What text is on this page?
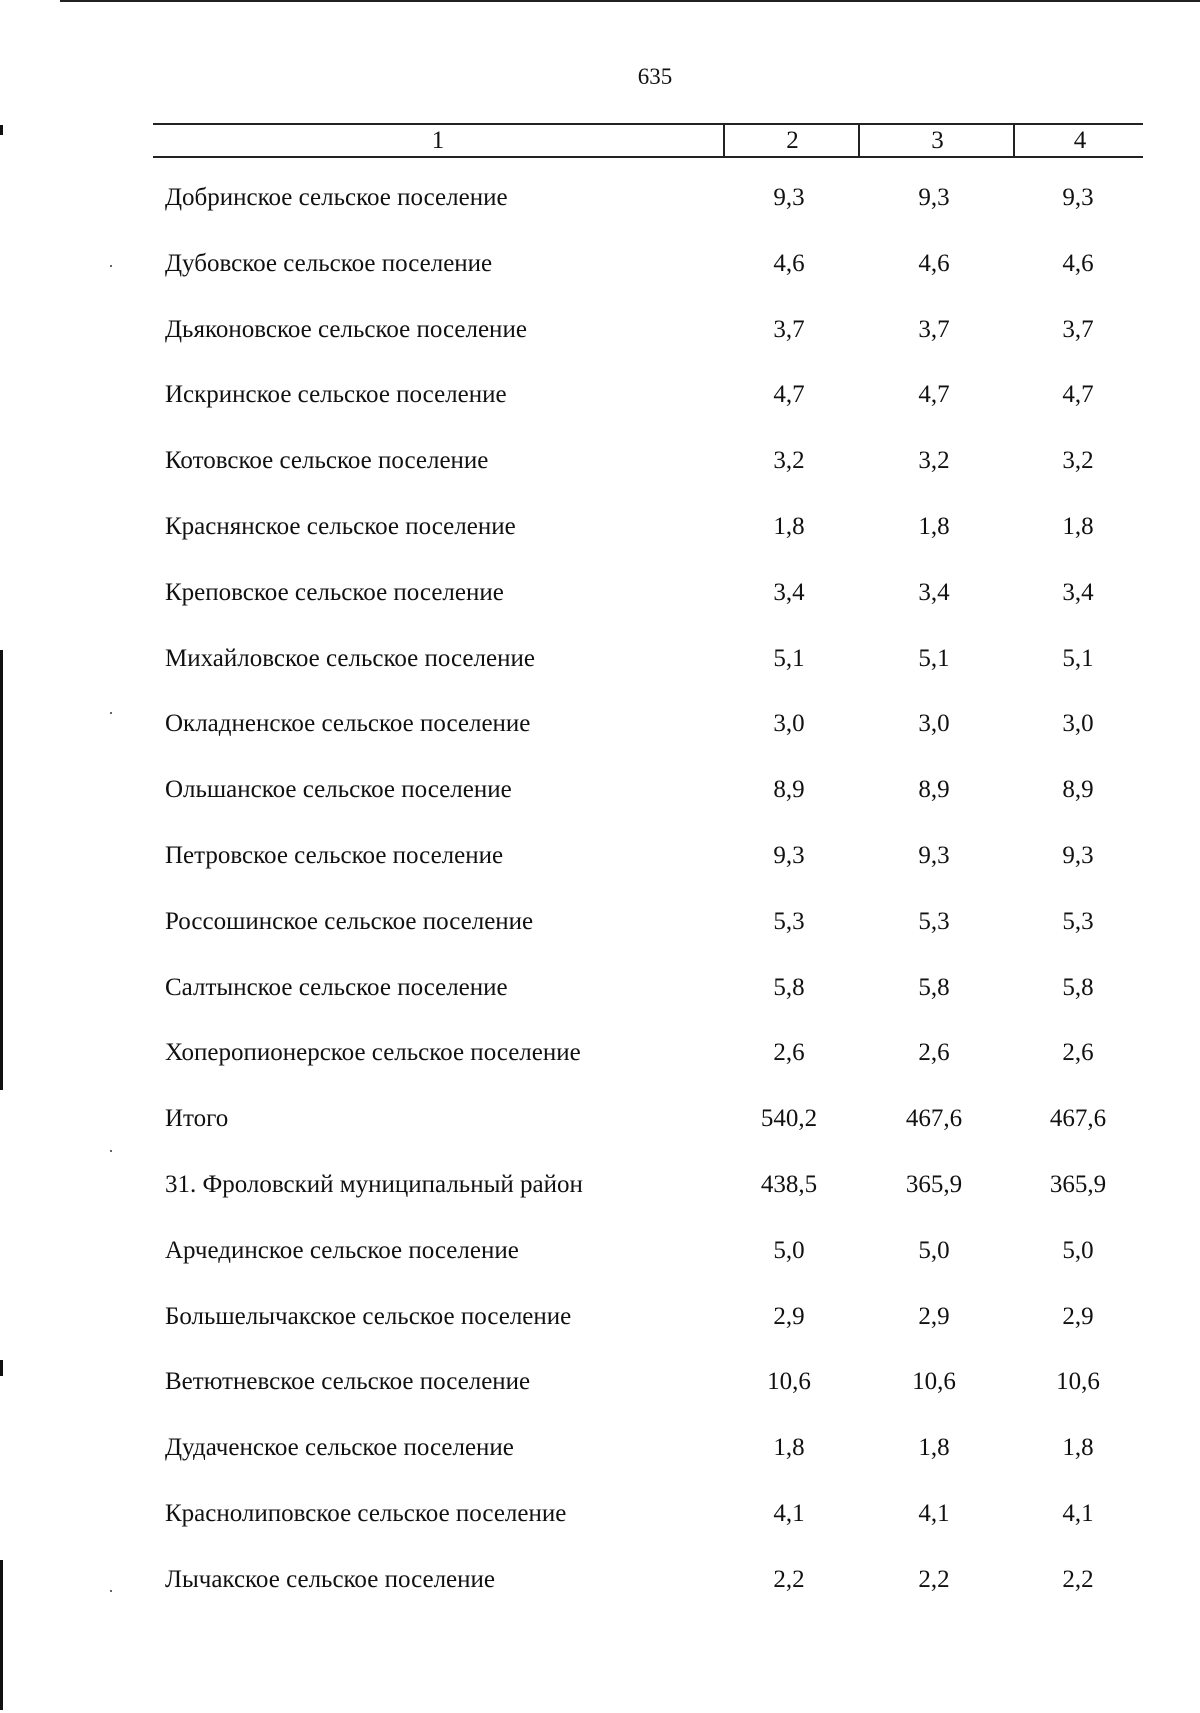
635
1	2	3	4
Добринское сельское поселение	9,3	9,3	9,3
Дубовское сельское поселение	4,6	4,6	4,6
Дьяконовское сельское поселение	3,7	3,7	3,7
Искринское сельское поселение	4,7	4,7	4,7
Котовское сельское поселение	3,2	3,2	3,2
Краснянское сельское поселение	1,8	1,8	1,8
Креповское сельское поселение	3,4	3,4	3,4
Михайловское сельское поселение	5,1	5,1	5,1
Окладненское сельское поселение	3,0	3,0	3,0
Ольшанское сельское поселение	8,9	8,9	8,9
Петровское сельское поселение	9,3	9,3	9,3
Россошинское сельское поселение	5,3	5,3	5,3
Салтынское сельское поселение	5,8	5,8	5,8
Хоперопионерское сельское поселение	2,6	2,6	2,6
Итого	540,2	467,6	467,6
31. Фроловский муниципальный район	438,5	365,9	365,9
Арчединское сельское поселение	5,0	5,0	5,0
Большелычакское сельское поселение	2,9	2,9	2,9
Ветютневское сельское поселение	10,6	10,6	10,6
Дудаченское сельское поселение	1,8	1,8	1,8
Краснолиповское сельское поселение	4,1	4,1	4,1
Лычакское сельское поселение	2,2	2,2	2,2
